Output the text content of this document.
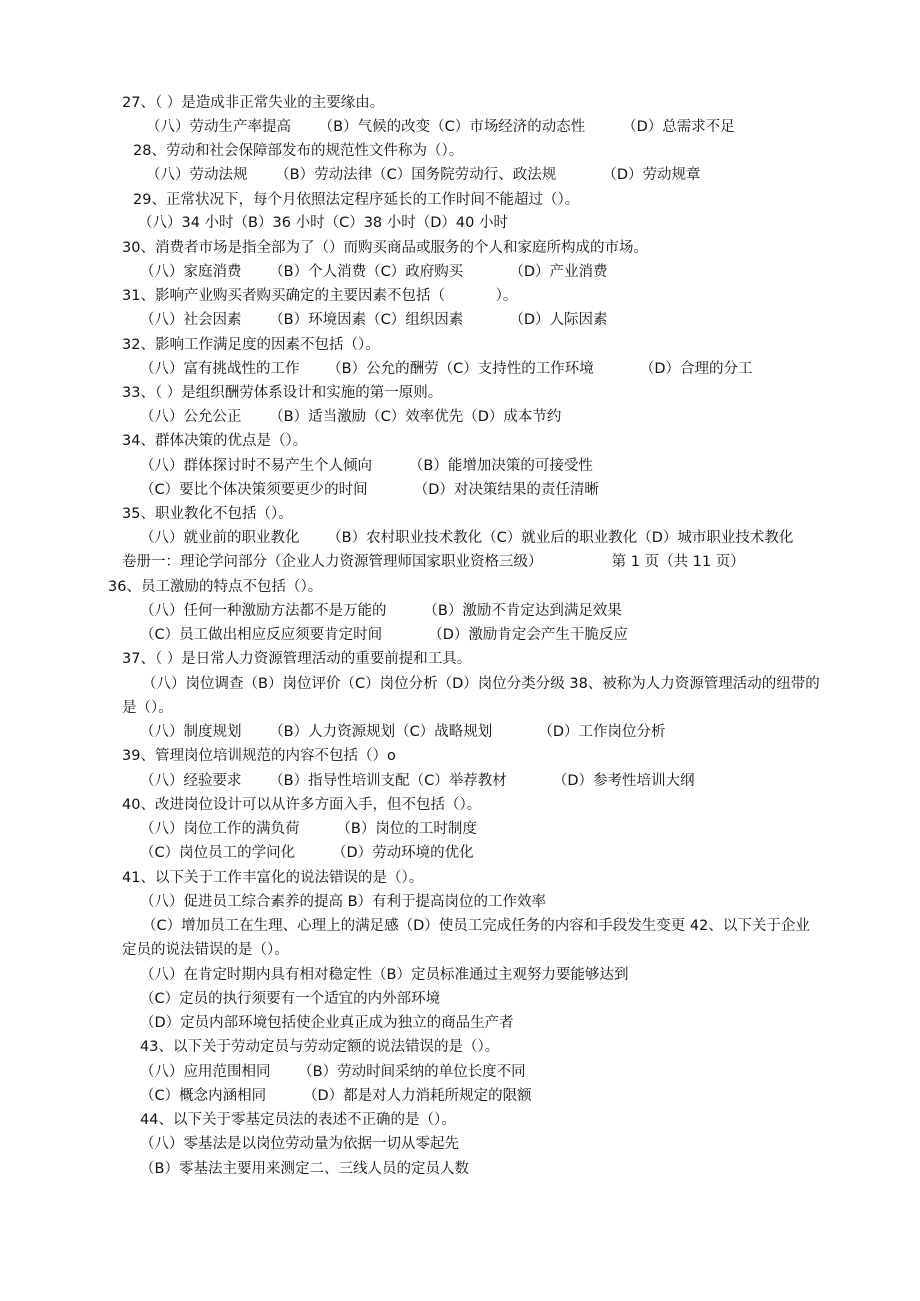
27、（ ）是造成非正常失业的主要缘由。
（八）劳动生产率提高      （B）气候的改变（C）市场经济的动态性        （D）总需求不足
28、劳动和社会保障部发布的规范性文件称为（）。
（八）劳动法规      （B）劳动法律（C）国务院劳动行、政法规          （D）劳动规章
29、正常状况下，每个月依照法定程序延长的工作时间不能超过（）。
（八）34 小时（B）36 小时（C）38 小时（D）40 小时
30、消费者市场是指全部为了（）而购买商品或服务的个人和家庭所构成的市场。
（八）家庭消费      （B）个人消费（C）政府购买          （D）产业消费
31、影响产业购买者购买确定的主要因素不包括（           ）。
（八）社会因素      （B）环境因素（C）组织因素          （D）人际因素
32、影响工作满足度的因素不包括（）。
（八）富有挑战性的工作      （B）公允的酬劳（C）支持性的工作环境          （D）合理的分工
33、（ ）是组织酬劳体系设计和实施的第一原则。
（八）公允公正      （B）适当激励（C）效率优先（D）成本节约
34、群体决策的优点是（）。
（八）群体探讨时不易产生个人倾向        （B）能增加决策的可接受性
（C）要比个体决策须要更少的时间          （D）对决策结果的责任清晰
35、职业教化不包括（）。
（八）就业前的职业教化      （B）农村职业技术教化（C）就业后的职业教化（D）城市职业技术教化
卷册一：理论学问部分（企业人力资源管理师国家职业资格三级）               第 1 页（共 11 页）
36、员工激励的特点不包括（）。
（八）任何一种激励方法都不是万能的        （B）激励不肯定达到满足效果
（C）员工做出相应反应须要肯定时间          （D）激励肯定会产生干脆反应
37、（ ）是日常人力资源管理活动的重要前提和工具。
（八）岗位调查（B）岗位评价（C）岗位分析（D）岗位分类分级 38、被称为人力资源管理活动的纽带的
是（）。
（八）制度规划      （B）人力资源规划（C）战略规划          （D）工作岗位分析
39、管理岗位培训规范的内容不包括（）o
（八）经验要求      （B）指导性培训支配（C）举荐教材          （D）参考性培训大纲
40、改进岗位设计可以从许多方面入手，但不包括（）。
（八）岗位工作的满负荷        （B）岗位的工时制度
（C）岗位员工的学问化        （D）劳动环境的优化
41、以下关于工作丰富化的说法错误的是（）。
（八）促进员工综合素养的提高 B）有利于提高岗位的工作效率
（C）增加员工在生理、心理上的满足感（D）使员工完成任务的内容和手段发生变更 42、以下关于企业
定员的说法错误的是（）。
（八）在肯定时期内具有相对稳定性（B）定员标准通过主观努力要能够达到
（C）定员的执行须要有一个适宜的内外部环境
（D）定员内部环境包括使企业真正成为独立的商品生产者
43、以下关于劳动定员与劳动定额的说法错误的是（）。
（八）应用范围相同      （B）劳动时间采纳的单位长度不同
（C）概念内涵相同        （D）都是对人力消耗所规定的限额
44、以下关于零基定员法的表述不正确的是（）。
（八）零基法是以岗位劳动量为依据一切从零起先
（B）零基法主要用来测定二、三线人员的定员人数
